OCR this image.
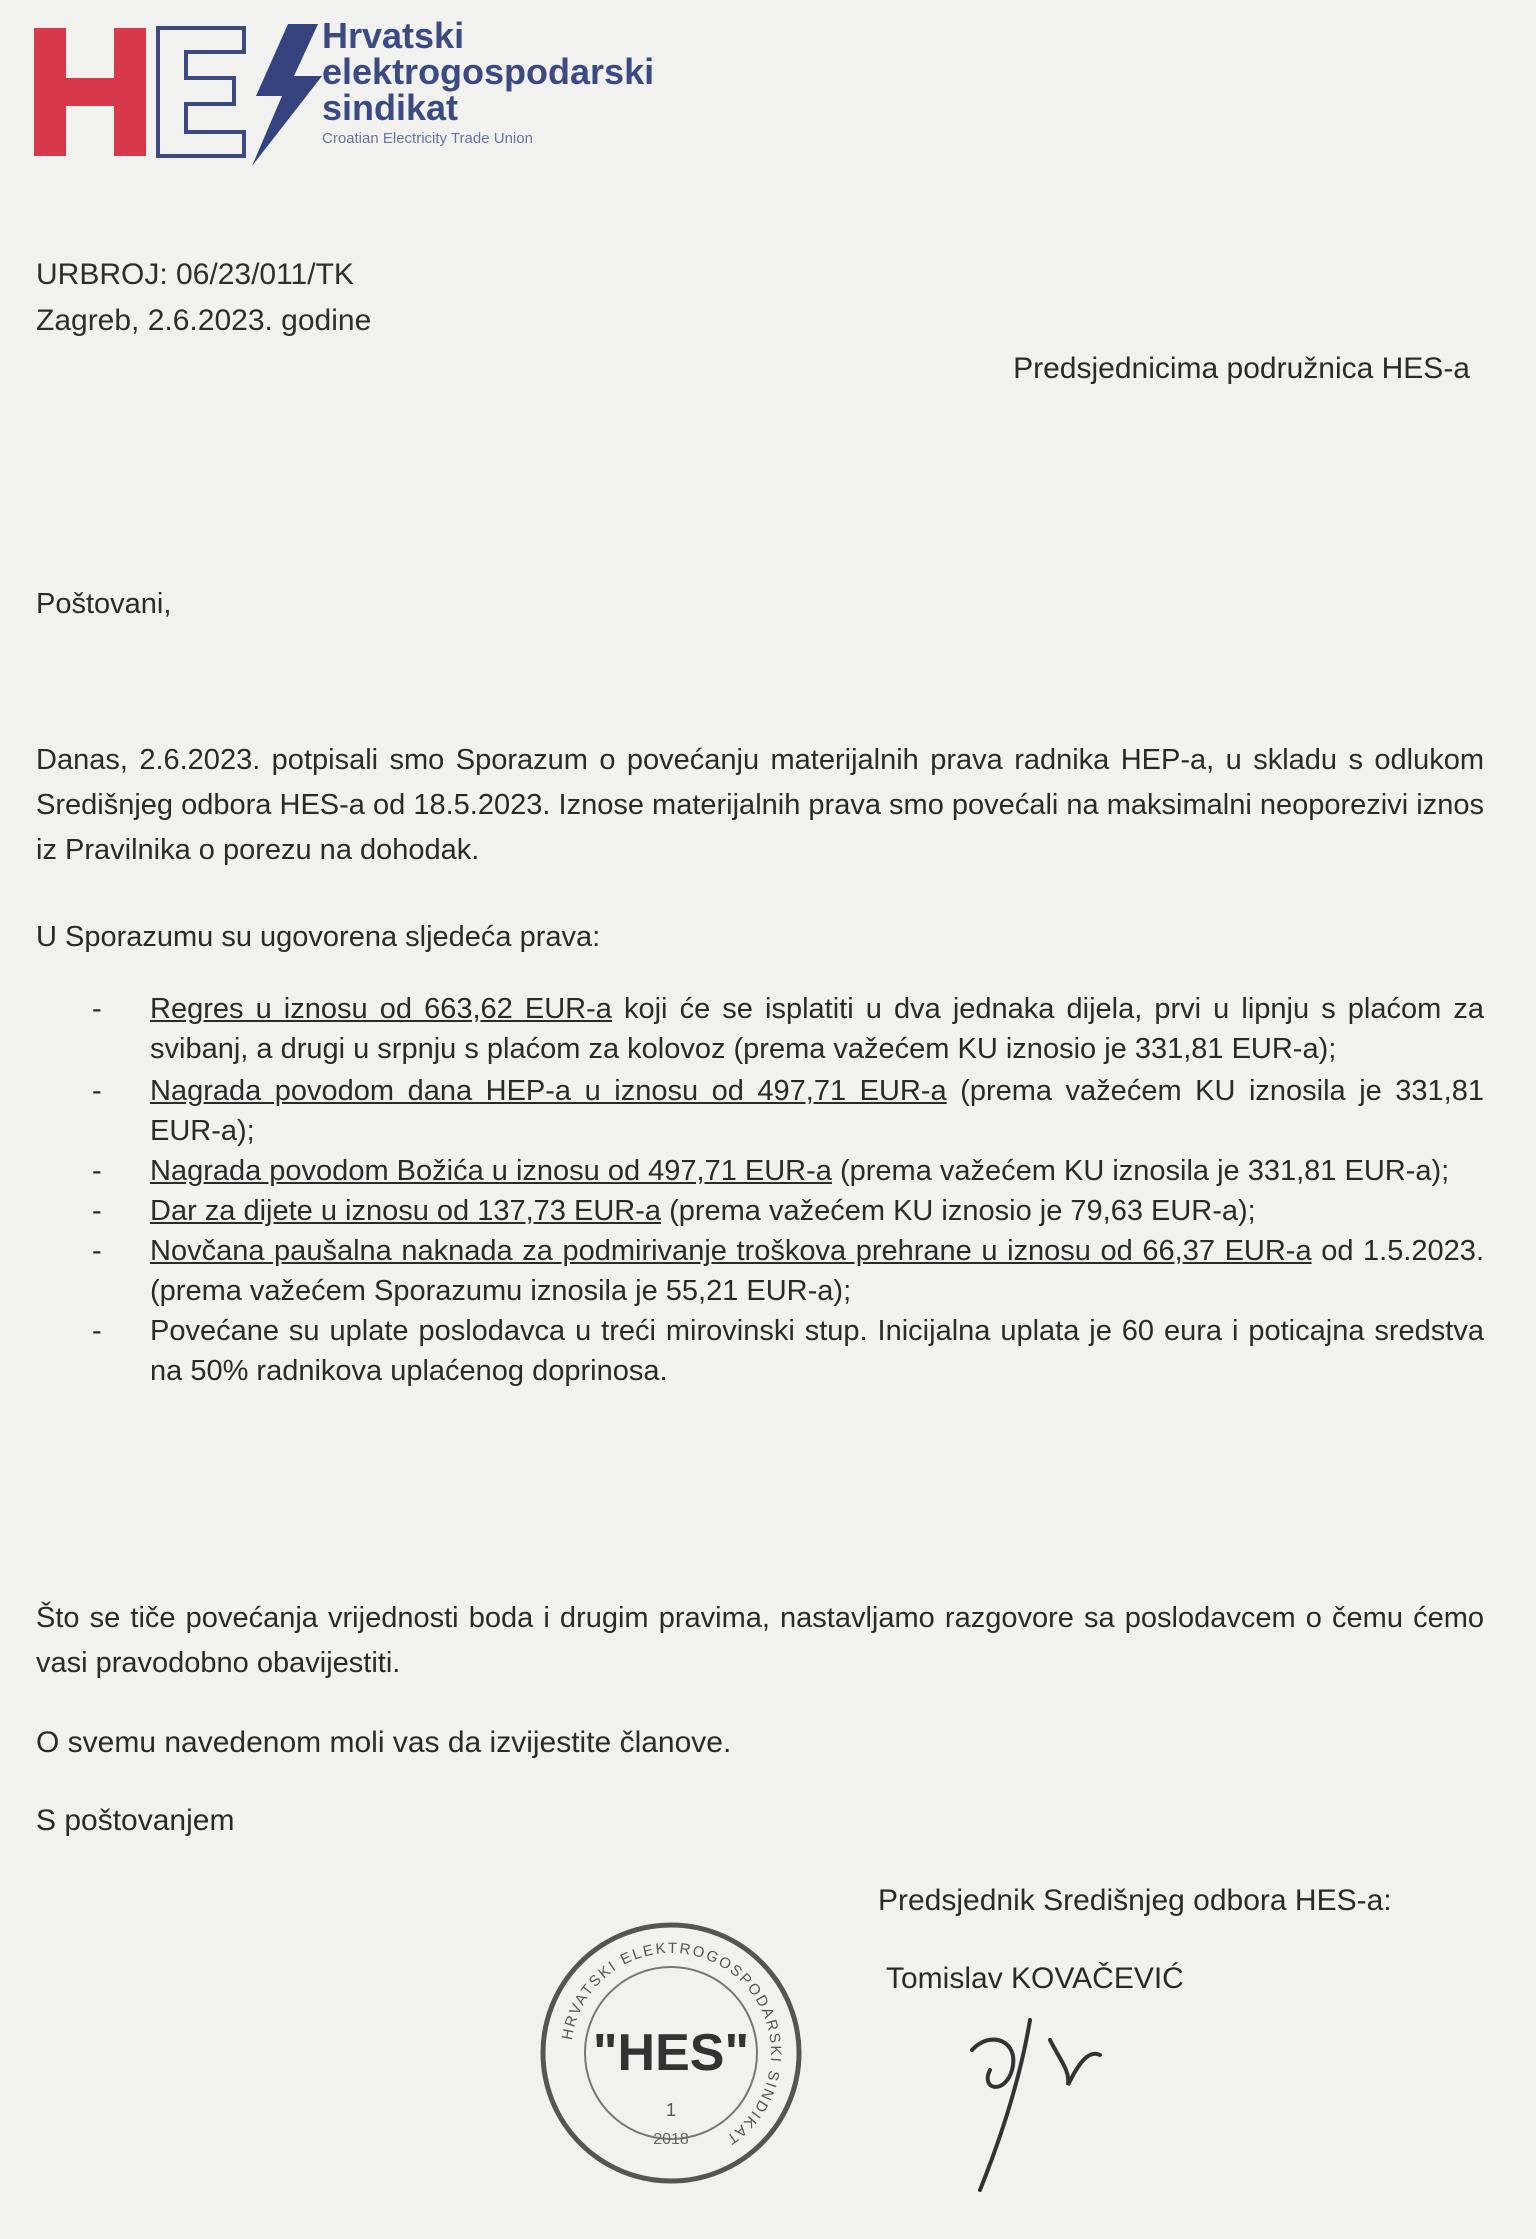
Hrvatski

elektrogospodarski

sindikat

Croatian Electricity Trade Union
URBROJ: 06/23/011/TK
Zagreb, 2.6.2023. godine
Predsjednicima podružnica HES-a
Poštovani,

Danas, 2.6.2023. potpisali smo Sporazum o povećanju materijalnih prava radnika HEP-a, u skladu s odlukom Središnjeg odbora HES-a od 18.5.2023. Iznose materijalnih prava smo povećali na maksimalni neoporezivi iznos iz Pravilnika o porezu na dohodak.

U Sporazumu su ugovorena sljedeća prava:
- Regres u iznosu od 663,62 EUR-a koji će se isplatiti u dva jednaka dijela, prvi u lipnju s plaćom za svibanj, a drugi u srpnju s plaćom za kolovoz (prema važećem KU iznosio je 331,81 EUR-a);
- Nagrada povodom dana HEP-a u iznosu od 497,71 EUR-a (prema važećem KU iznosila je 331,81 EUR-a);
- Nagrada povodom Božića u iznosu od 497,71 EUR-a (prema važećem KU iznosila je 331,81 EUR-a);
- Dar za dijete u iznosu od 137,73 EUR-a (prema važećem KU iznosio je 79,63 EUR-a);
- Novčana paušalna naknada za podmirivanje troškova prehrane u iznosu od 66,37 EUR-a od 1.5.2023. (prema važećem Sporazumu iznosila je 55,21 EUR-a);
- Povećane su uplate poslodavca u treći mirovinski stup. Inicijalna uplata je 60 eura i poticajna sredstva na 50% radnikova uplaćenog doprinosa.

Što se tiče povećanja vrijednosti boda i drugim pravima, nastavljamo razgovore sa poslodavcem o čemu ćemo vasi pravodobno obavijestiti.

O svemu navedenom moli vas da izvijestite članove.
S poštovanjem
Predsjednik Središnjeg odbora HES-a:
Tomislav KOVAČEVIĆ
HRVATSKI ELEKTROGOSPODARSKI SINDIKAT
"HES"
1
2018
